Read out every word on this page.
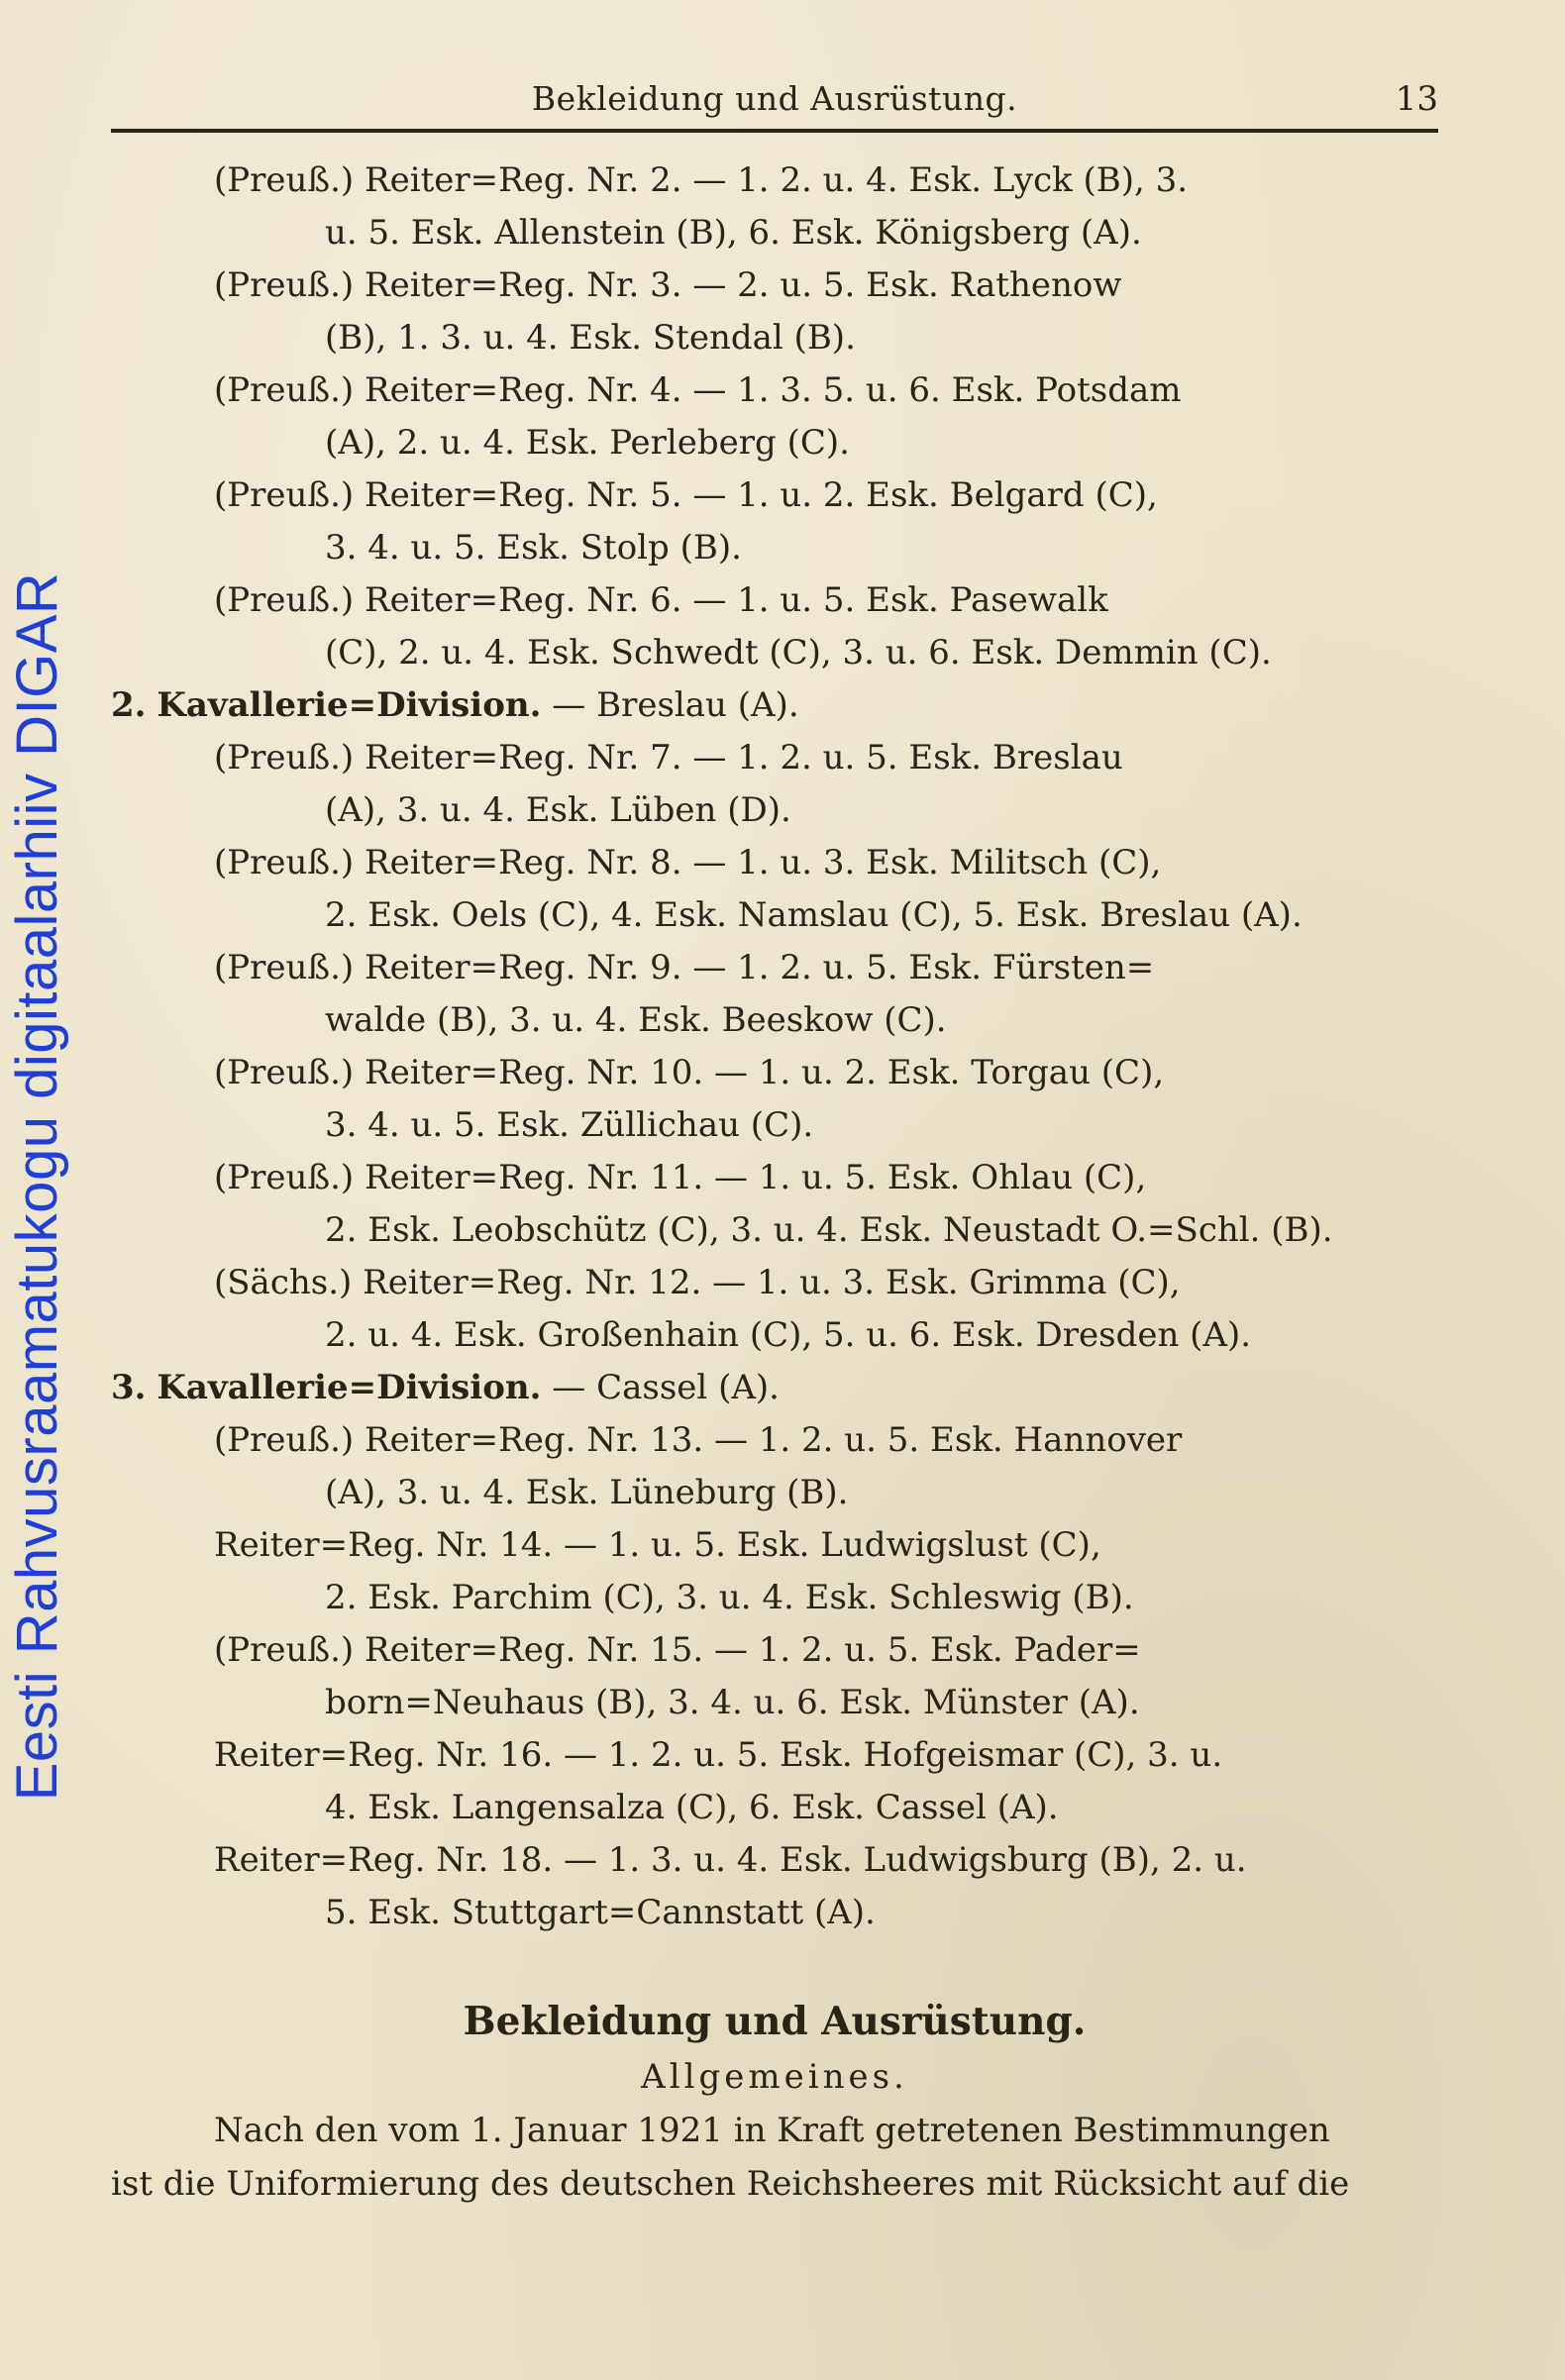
Eesti Rahvusraamatukogu digitaalarhiiv DIGAR
Bekleidung und Ausrüstung.	13
(Preuß.) Reiter=Reg. Nr. 2. — 1. 2. u. 4. Esk. Lyck (B), 3.
u. 5. Esk. Allenstein (B), 6. Esk. Königsberg (A).
(Preuß.) Reiter=Reg. Nr. 3. — 2. u. 5. Esk. Rathenow
(B), 1. 3. u. 4. Esk. Stendal (B).
(Preuß.) Reiter=Reg. Nr. 4. — 1. 3. 5. u. 6. Esk. Potsdam
(A), 2. u. 4. Esk. Perleberg (C).
(Preuß.) Reiter=Reg. Nr. 5. — 1. u. 2. Esk. Belgard (C),
3. 4. u. 5. Esk. Stolp (B).
(Preuß.) Reiter=Reg. Nr. 6. — 1. u. 5. Esk. Pasewalk
(C), 2. u. 4. Esk. Schwedt (C), 3. u. 6. Esk. Demmin (C).
2. Kavallerie=Division. — Breslau (A).
(Preuß.) Reiter=Reg. Nr. 7. — 1. 2. u. 5. Esk. Breslau
(A), 3. u. 4. Esk. Lüben (D).
(Preuß.) Reiter=Reg. Nr. 8. — 1. u. 3. Esk. Militsch (C),
2. Esk. Oels (C), 4. Esk. Namslau (C), 5. Esk. Breslau (A).
(Preuß.) Reiter=Reg. Nr. 9. — 1. 2. u. 5. Esk. Fürsten=
walde (B), 3. u. 4. Esk. Beeskow (C).
(Preuß.) Reiter=Reg. Nr. 10. — 1. u. 2. Esk. Torgau (C),
3. 4. u. 5. Esk. Züllichau (C).
(Preuß.) Reiter=Reg. Nr. 11. — 1. u. 5. Esk. Ohlau (C),
2. Esk. Leobschütz (C), 3. u. 4. Esk. Neustadt O.=Schl. (B).
(Sächs.) Reiter=Reg. Nr. 12. — 1. u. 3. Esk. Grimma (C),
2. u. 4. Esk. Großenhain (C), 5. u. 6. Esk. Dresden (A).
3. Kavallerie=Division. — Cassel (A).
(Preuß.) Reiter=Reg. Nr. 13. — 1. 2. u. 5. Esk. Hannover
(A), 3. u. 4. Esk. Lüneburg (B).
Reiter=Reg. Nr. 14. — 1. u. 5. Esk. Ludwigslust (C),
2. Esk. Parchim (C), 3. u. 4. Esk. Schleswig (B).
(Preuß.) Reiter=Reg. Nr. 15. — 1. 2. u. 5. Esk. Pader=
born=Neuhaus (B), 3. 4. u. 6. Esk. Münster (A).
Reiter=Reg. Nr. 16. — 1. 2. u. 5. Esk. Hofgeismar (C), 3. u.
4. Esk. Langensalza (C), 6. Esk. Cassel (A).
Reiter=Reg. Nr. 18. — 1. 3. u. 4. Esk. Ludwigsburg (B), 2. u.
5. Esk. Stuttgart=Cannstatt (A).
Bekleidung und Ausrüstung.
Allgemeines.
Nach den vom 1. Januar 1921 in Kraft getretenen Bestimmungen
ist die Uniformierung des deutschen Reichsheeres mit Rücksicht auf die
